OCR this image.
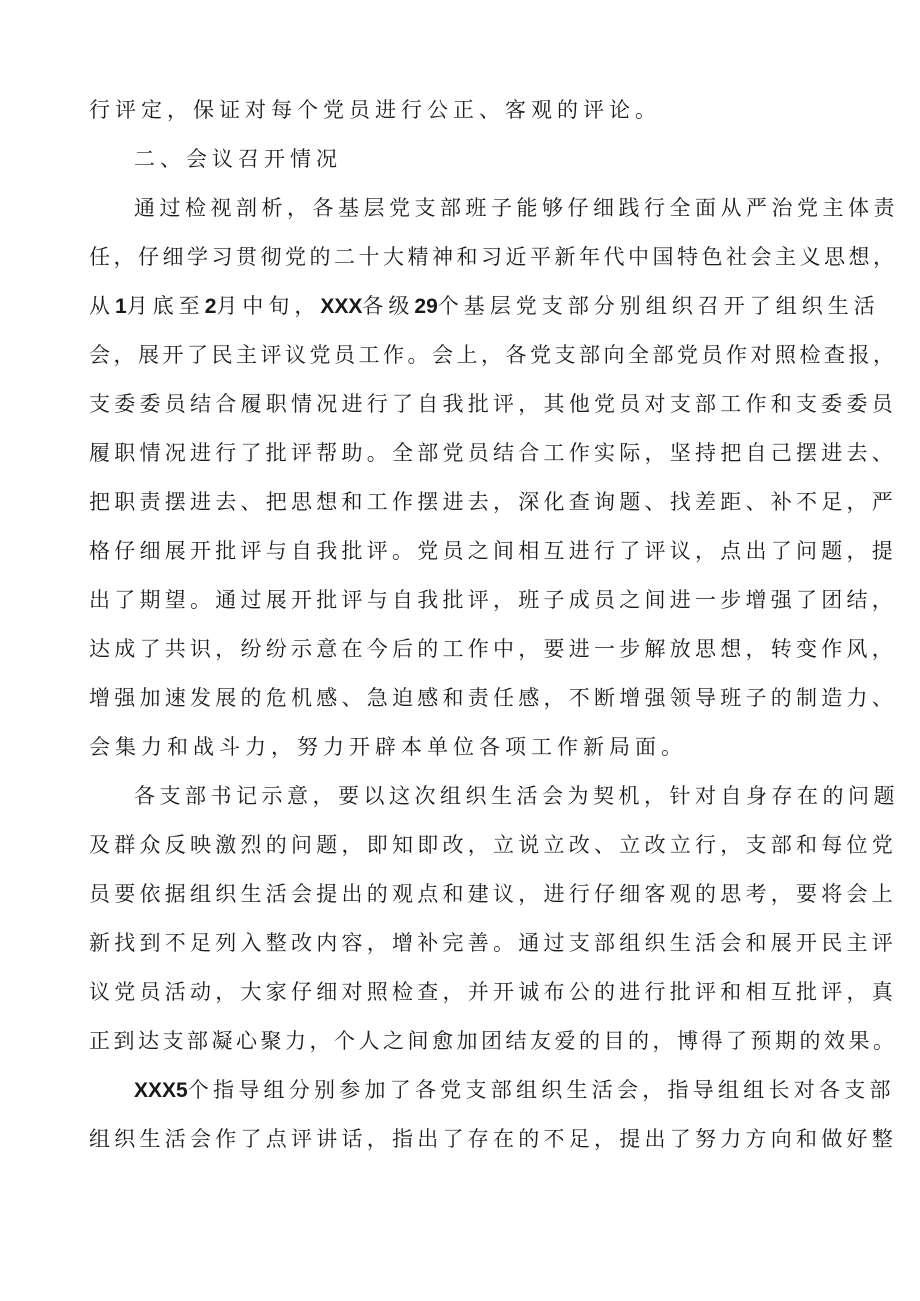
行评定，保证对每个党员进行公正、客观的评论。
二、会议召开情况
通过检视剖析，各基层党支部班子能够仔细践行全面从严治党主体责
任，仔细学习贯彻党的二十大精神和习近平新年代中国特色社会主义思想，
从1月底至2月中旬，XXX各级29个基层党支部分别组织召开了组织生活
会，展开了民主评议党员工作。会上，各党支部向全部党员作对照检查报，
支委委员结合履职情况进行了自我批评，其他党员对支部工作和支委委员
履职情况进行了批评帮助。全部党员结合工作实际，坚持把自己摆进去、
把职责摆进去、把思想和工作摆进去，深化查询题、找差距、补不足，严
格仔细展开批评与自我批评。党员之间相互进行了评议，点出了问题，提
出了期望。通过展开批评与自我批评，班子成员之间进一步增强了团结，
达成了共识，纷纷示意在今后的工作中，要进一步解放思想，转变作风，
增强加速发展的危机感、急迫感和责任感，不断增强领导班子的制造力、
会集力和战斗力，努力开辟本单位各项工作新局面。
各支部书记示意，要以这次组织生活会为契机，针对自身存在的问题
及群众反映激烈的问题，即知即改，立说立改、立改立行，支部和每位党
员要依据组织生活会提出的观点和建议，进行仔细客观的思考，要将会上
新找到不足列入整改内容，增补完善。通过支部组织生活会和展开民主评
议党员活动，大家仔细对照检查，并开诚布公的进行批评和相互批评，真
正到达支部凝心聚力，个人之间愈加团结友爱的目的，博得了预期的效果。
XXX5个指导组分别参加了各党支部组织生活会，指导组组长对各支部
组织生活会作了点评讲话，指出了存在的不足，提出了努力方向和做好整
